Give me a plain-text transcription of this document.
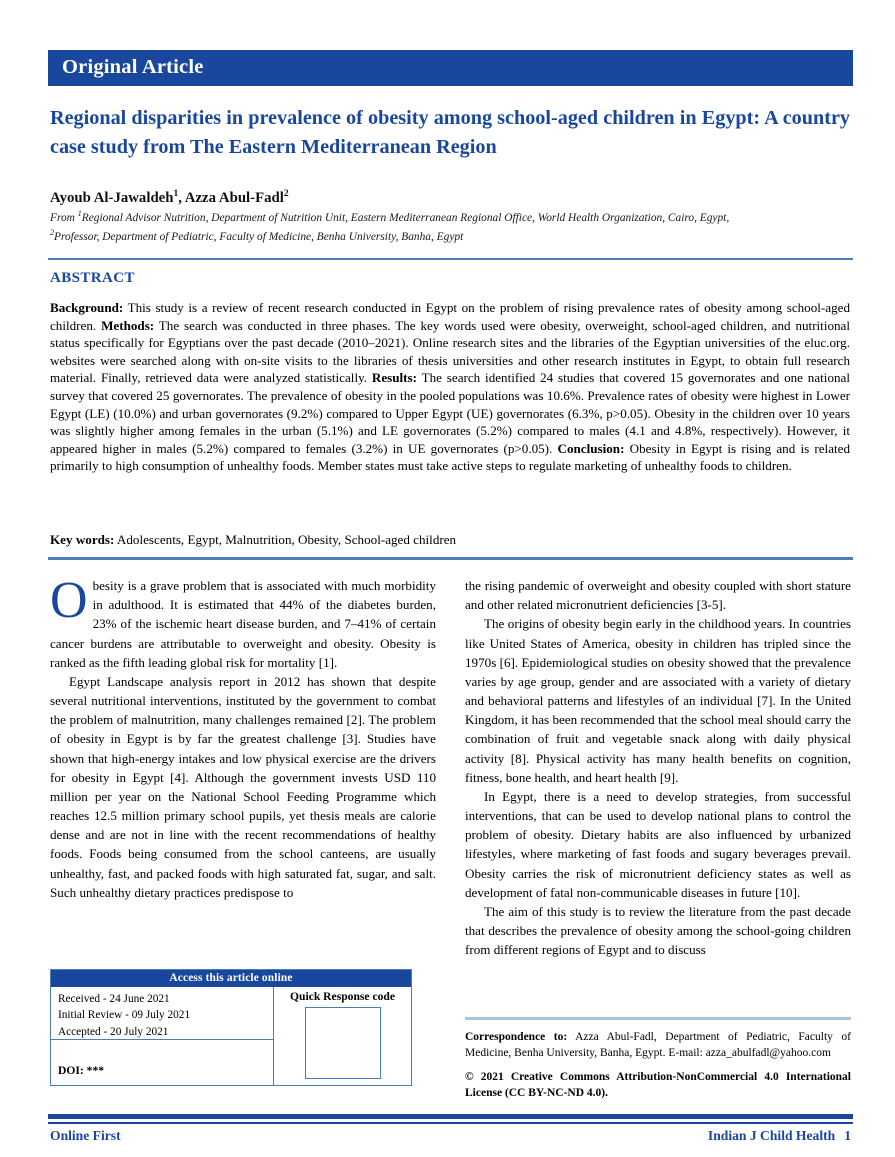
Original Article
Regional disparities in prevalence of obesity among school-aged children in Egypt: A country case study from The Eastern Mediterranean Region
Ayoub Al-Jawaldeh$^1$, Azza Abul-Fadl$^2$
From $^1$Regional Advisor Nutrition, Department of Nutrition Unit, Eastern Mediterranean Regional Office, World Health Organization, Cairo, Egypt,
$^2$Professor, Department of Pediatric, Faculty of Medicine, Benha University, Banha, Egypt
ABSTRACT
Background: This study is a review of recent research conducted in Egypt on the problem of rising prevalence rates of obesity among school-aged children. Methods: The search was conducted in three phases. The key words used were obesity, overweight, school-aged children, and nutritional status specifically for Egyptians over the past decade (2010–2021). Online research sites and the libraries of the Egyptian universities of the eluc.org. websites were searched along with on-site visits to the libraries of thesis universities and other research institutes in Egypt, to obtain full research material. Finally, retrieved data were analyzed statistically. Results: The search identified 24 studies that covered 15 governorates and one national survey that covered 25 governorates. The prevalence of obesity in the pooled populations was 10.6%. Prevalence rates of obesity were highest in Lower Egypt (LE) (10.0%) and urban governorates (9.2%) compared to Upper Egypt (UE) governorates (6.3%, p>0.05). Obesity in the children over 10 years was slightly higher among females in the urban (5.1%) and LE governorates (5.2%) compared to males (4.1 and 4.8%, respectively). However, it appeared higher in males (5.2%) compared to females (3.2%) in UE governorates (p>0.05). Conclusion: Obesity in Egypt is rising and is related primarily to high consumption of unhealthy foods. Member states must take active steps to regulate marketing of unhealthy foods to children.
Key words: Adolescents, Egypt, Malnutrition, Obesity, School-aged children

Obesity is a grave problem that is associated with much morbidity in adulthood. It is estimated that 44% of the diabetes burden, 23% of the ischemic heart disease burden, and 7–41% of certain cancer burdens are attributable to overweight and obesity. Obesity is ranked as the fifth leading global risk for mortality [1].

Egypt Landscape analysis report in 2012 has shown that despite several nutritional interventions, instituted by the government to combat the problem of malnutrition, many challenges remained [2]. The problem of obesity in Egypt is by far the greatest challenge [3]. Studies have shown that high-energy intakes and low physical exercise are the drivers for obesity in Egypt [4]. Although the government invests USD 110 million per year on the National School Feeding Programme which reaches 12.5 million primary school pupils, yet thesis meals are calorie dense and are not in line with the recent recommendations of healthy foods. Foods being consumed from the school canteens, are usually unhealthy, fast, and packed foods with high saturated fat, sugar, and salt. Such unhealthy dietary practices predispose to

the rising pandemic of overweight and obesity coupled with short stature and other related micronutrient deficiencies [3-5].

The origins of obesity begin early in the childhood years. In countries like United States of America, obesity in children has tripled since the 1970s [6]. Epidemiological studies on obesity showed that the prevalence varies by age group, gender and are associated with a variety of dietary and behavioral patterns and lifestyles of an individual [7]. In the United Kingdom, it has been recommended that the school meal should carry the combination of fruit and vegetable snack along with daily physical activity [8]. Physical activity has many health benefits on cognition, fitness, bone health, and heart health [9].

In Egypt, there is a need to develop strategies, from successful interventions, that can be used to develop national plans to control the problem of obesity. Dietary habits are also influenced by urbanized lifestyles, where marketing of fast foods and sugary beverages prevail. Obesity carries the risk of micronutrient deficiency states as well as development of fatal non-communicable diseases in future [10].

The aim of this study is to review the literature from the past decade that describes the prevalence of obesity among the school-going children from different regions of Egypt and to discuss

Access this article online
Received - 24 June 2021
Initial Review - 09 July 2021
Accepted - 20 July 2021
DOI: ***
Quick Response code
Correspondence to: Azza Abul-Fadl, Department of Pediatric, Faculty of Medicine, Benha University, Banha, Egypt. E-mail: azza_abulfadl@yahoo.com
© 2021 Creative Commons Attribution-NonCommercial 4.0 International License (CC BY-NC-ND 4.0).
Online First	Indian J Child Health 1
